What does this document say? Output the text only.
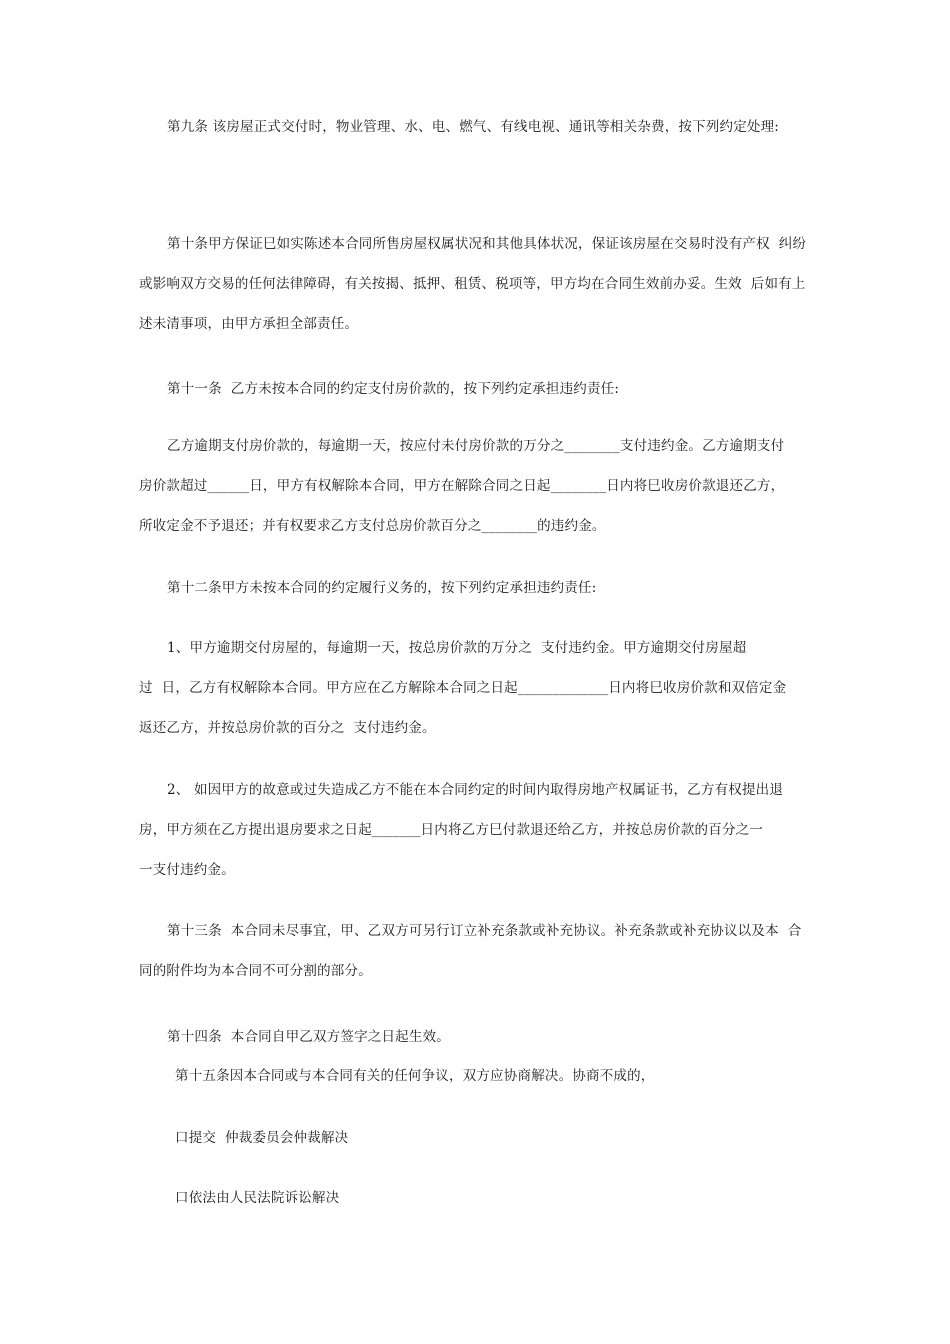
第九条 该房屋正式交付时，物业管理、水、电、燃气、有线电视、通讯等相关杂费，按下列约定处理:
第十条甲方保证巳如实陈述本合同所售房屋权属状况和其他具体状况，保证该房屋在交易时没有产权  纠纷
或影响双方交易的任何法律障碍，有关按揭、抵押、租赁、税项等，甲方均在合同生效前办妥。生效  后如有上
述未清事项，由甲方承担全部责任。
第十一条  乙方未按本合同的约定支付房价款的，按下列约定承担违约责任:
乙方逾期支付房价款的，每逾期一天，按应付未付房价款的万分之________支付违约金。乙方逾期支付
房价款超过______日，甲方有权解除本合同，甲方在解除合同之日起________日内将巳收房价款退还乙方，
所收定金不予退还；并有权要求乙方支付总房价款百分之________的违约金。
第十二条甲方未按本合同的约定履行义务的，按下列约定承担违约责任:
1、甲方逾期交付房屋的，每逾期一天，按总房价款的万分之  支付违约金。甲方逾期交付房屋超
过  日，乙方有权解除本合同。甲方应在乙方解除本合同之日起_____________日内将巳收房价款和双倍定金
返还乙方，并按总房价款的百分之  支付违约金。
2、 如因甲方的故意或过失造成乙方不能在本合同约定的时间内取得房地产权属证书，乙方有权提出退
房，甲方须在乙方提出退房要求之日起_______日内将乙方巳付款退还给乙方，并按总房价款的百分之一
一支付违约金。
第十三条  本合同未尽事宜，甲、乙双方可另行订立补充条款或补充协议。补充条款或补充协议以及本  合
同的附件均为本合同不可分割的部分。
第十四条  本合同自甲乙双方签字之日起生效。
第十五条因本合同或与本合同有关的任何争议，双方应协商解决。协商不成的，
口提交  仲裁委员会仲裁解决
口依法由人民法院诉讼解决
